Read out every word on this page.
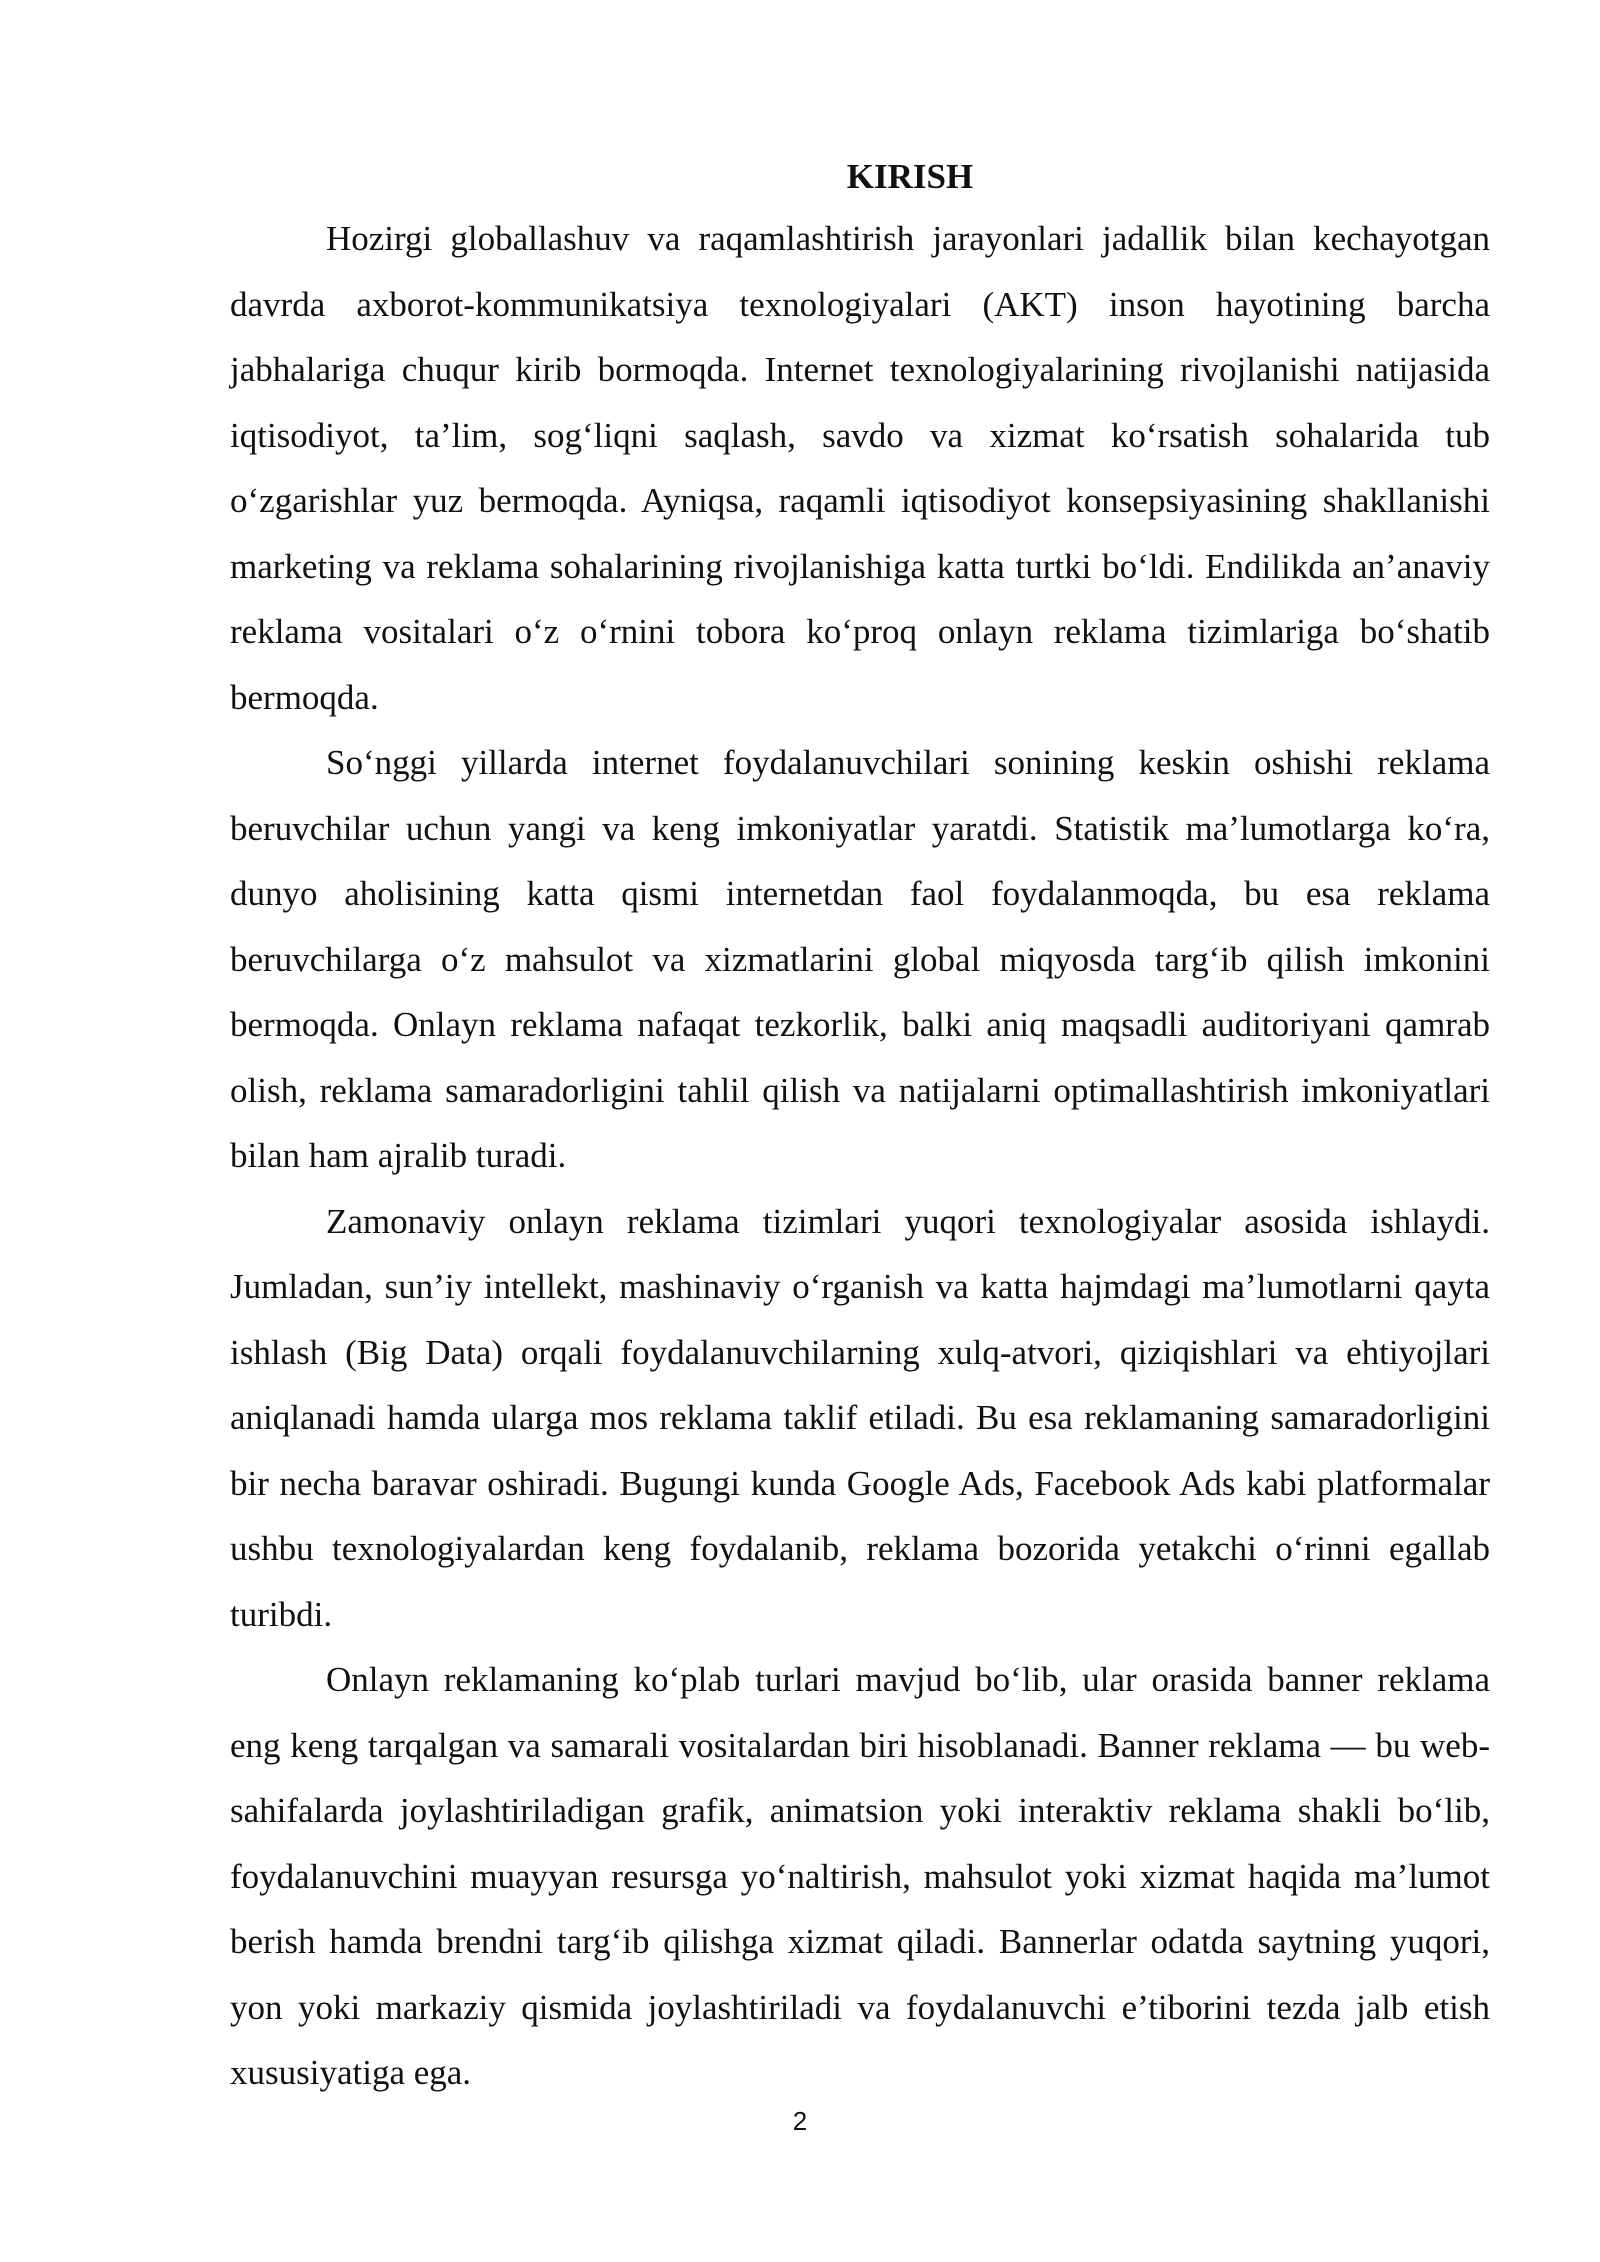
KIRISH

Hozirgi globallashuv va raqamlashtirish jarayonlari jadallik bilan kechayotgan davrda axborot-kommunikatsiya texnologiyalari (AKT) inson hayotining barcha jabhalariga chuqur kirib bormoqda. Internet texnologiyalarining rivojlanishi natijasida iqtisodiyot, ta’lim, sog‘liqni saqlash, savdo va xizmat ko‘rsatish sohalarida tub o‘zgarishlar yuz bermoqda. Ayniqsa, raqamli iqtisodiyot konsepsiyasining shakllanishi marketing va reklama sohalarining rivojlanishiga katta turtki bo‘ldi. Endilikda an’anaviy reklama vositalari o‘z o‘rnini tobora ko‘proq onlayn reklama tizimlariga bo‘shatib bermoqda.

So‘nggi yillarda internet foydalanuvchilari sonining keskin oshishi reklama beruvchilar uchun yangi va keng imkoniyatlar yaratdi. Statistik ma’lumotlarga ko‘ra, dunyo aholisining katta qismi internetdan faol foydalanmoqda, bu esa reklama beruvchilarga o‘z mahsulot va xizmatlarini global miqyosda targ‘ib qilish imkonini bermoqda. Onlayn reklama nafaqat tezkorlik, balki aniq maqsadli auditoriyani qamrab olish, reklama samaradorligini tahlil qilish va natijalarni optimallashtirish imkoniyatlari bilan ham ajralib turadi.

Zamonaviy onlayn reklama tizimlari yuqori texnologiyalar asosida ishlaydi. Jumladan, sun’iy intellekt, mashinaviy o‘rganish va katta hajmdagi ma’lumotlarni qayta ishlash (Big Data) orqali foydalanuvchilarning xulq-atvori, qiziqishlari va ehtiyojlari aniqlanadi hamda ularga mos reklama taklif etiladi. Bu esa reklamaning samaradorligini bir necha baravar oshiradi. Bugungi kunda Google Ads, Facebook Ads kabi platformalar ushbu texnologiyalardan keng foydalanib, reklama bozorida yetakchi o‘rinni egallab turibdi.

Onlayn reklamaning ko‘plab turlari mavjud bo‘lib, ular orasida banner reklama eng keng tarqalgan va samarali vositalardan biri hisoblanadi. Banner reklama — bu web-sahifalarda joylashtiriladigan grafik, animatsion yoki interaktiv reklama shakli bo‘lib, foydalanuvchini muayyan resursga yo‘naltirish, mahsulot yoki xizmat haqida ma’lumot berish hamda brendni targ‘ib qilishga xizmat qiladi. Bannerlar odatda saytning yuqori, yon yoki markaziy qismida joylashtiriladi va foydalanuvchi e’tiborini tezda jalb etish xususiyatiga ega.

2
